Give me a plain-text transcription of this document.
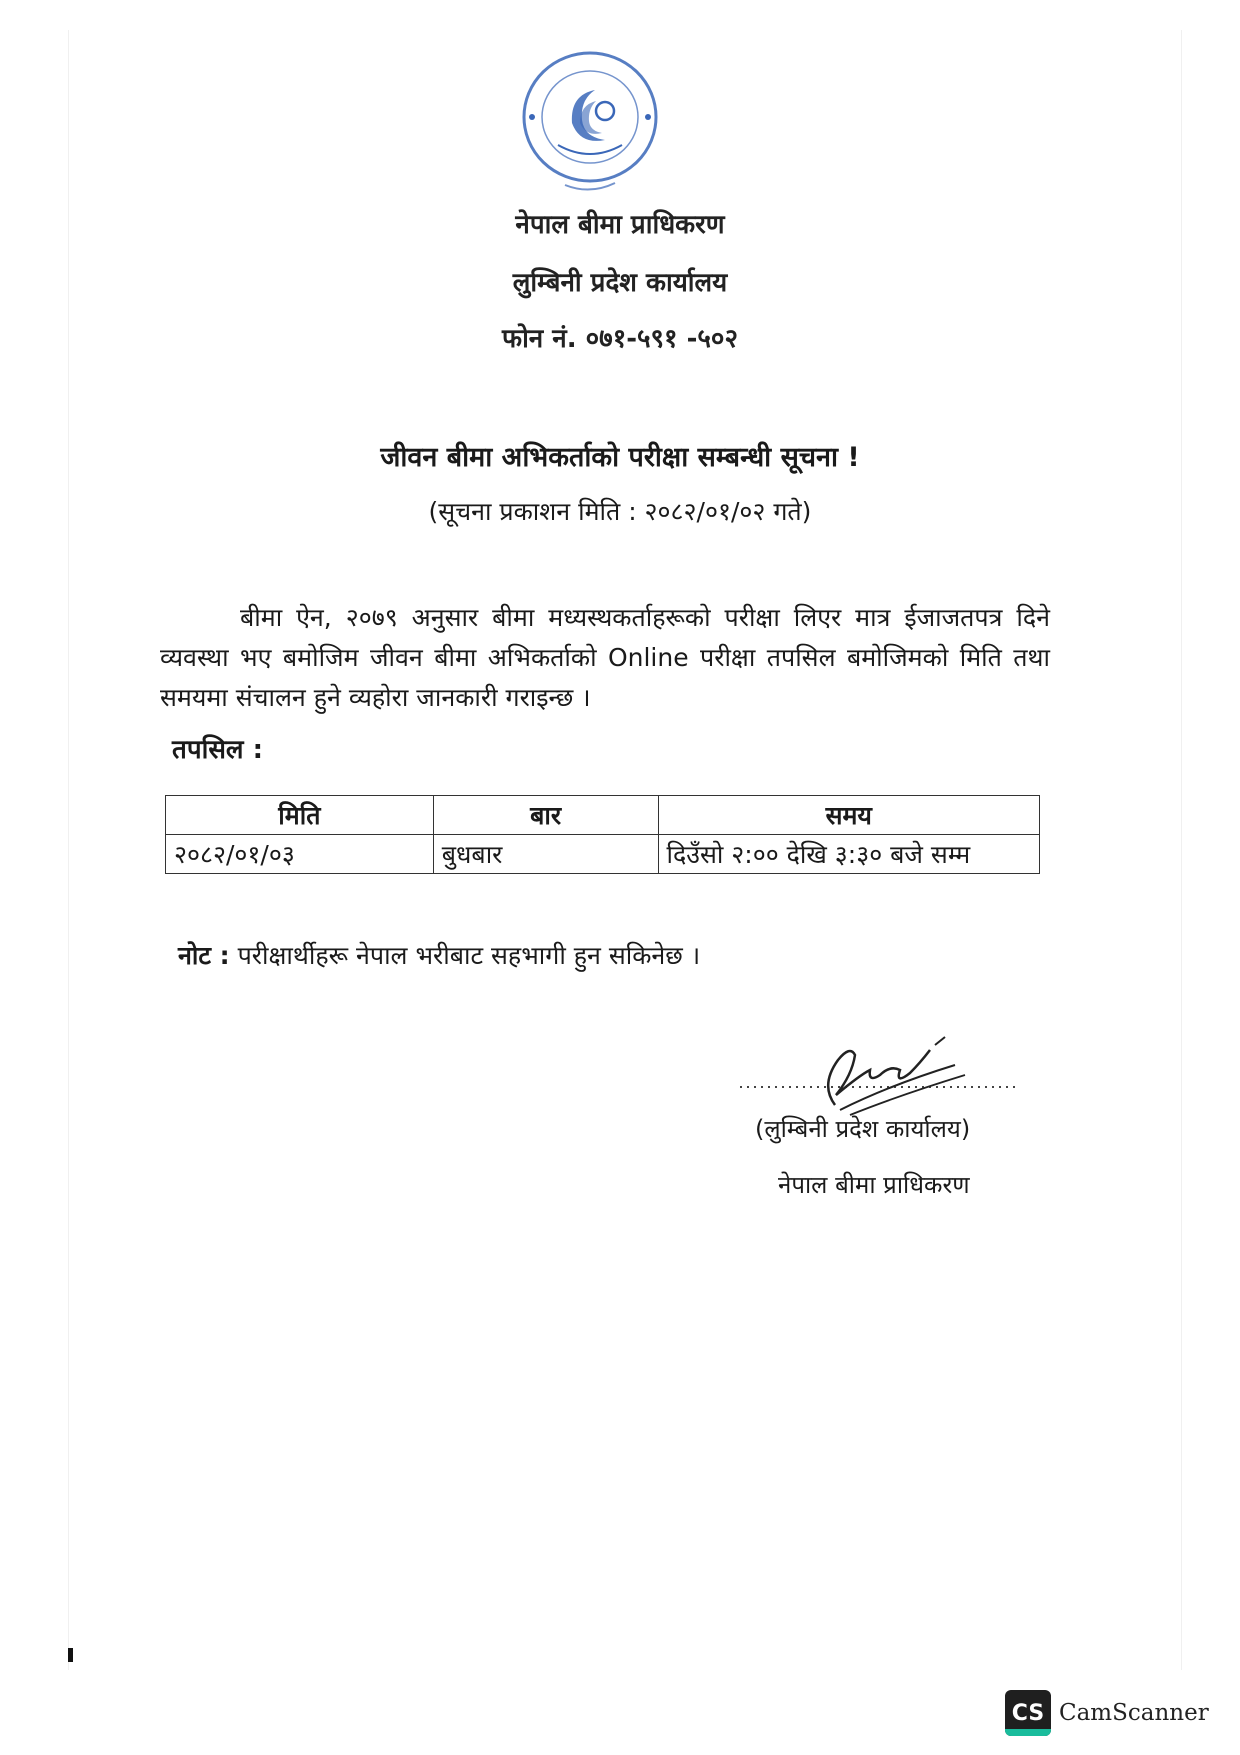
नेपाल बीमा प्राधिकरण
लुम्बिनी प्रदेश कार्यालय
फोन नं. ०७१-५९१ -५०२
जीवन बीमा अभिकर्ताको परीक्षा सम्बन्धी सूचना !
(सूचना प्रकाशन मिति : २०८२/०१/०२ गते)
बीमा ऐन, २०७९ अनुसार बीमा मध्यस्थकर्ताहरूको परीक्षा लिएर मात्र ईजाजतपत्र दिने व्यवस्था भए बमोजिम जीवन बीमा अभिकर्ताको Online परीक्षा तपसिल बमोजिमको मिति तथा समयमा संचालन हुने व्यहोरा जानकारी गराइन्छ ।
तपसिल :
मिति	बार	समय
२०८२/०१/०३	बुधबार	दिउँसो २:०० देखि ३:३० बजे सम्म
नोट : परीक्षार्थीहरू नेपाल भरीबाट सहभागी हुन सकिनेछ ।
(लुम्बिनी प्रदेश कार्यालय)
नेपाल बीमा प्राधिकरण
CS CamScanner
